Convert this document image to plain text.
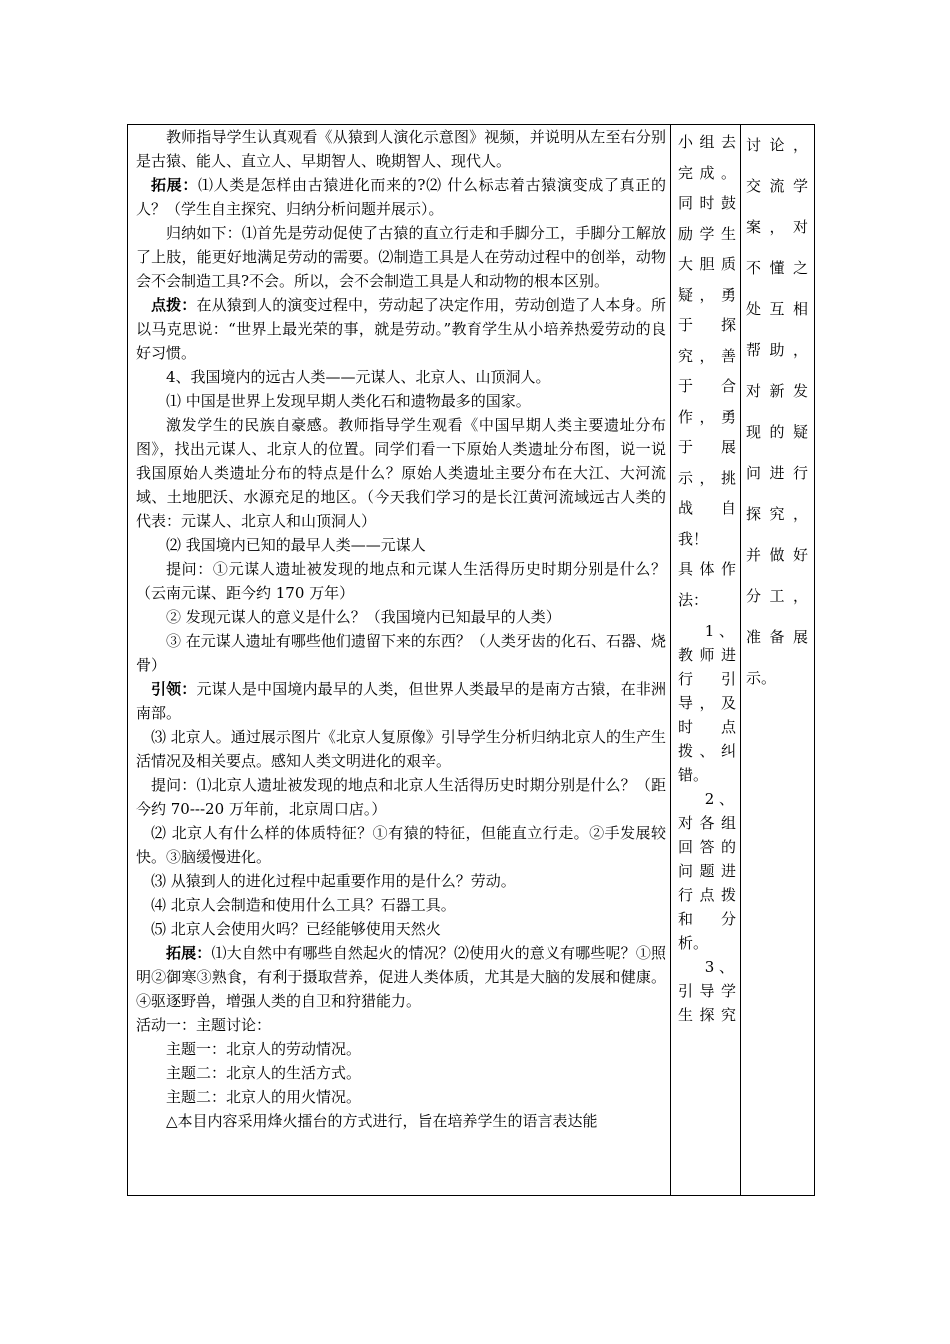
教师指导学生认真观看《从猿到人演化示意图》视频，并说明从左至右分别是古猿、能人、直立人、早期智人、晚期智人、现代人。

拓展：⑴人类是怎样由古猿进化而来的?⑵ 什么标志着古猿演变成了真正的人？（学生自主探究、归纳分析问题并展示）。

归纳如下：⑴首先是劳动促使了古猿的直立行走和手脚分工，手脚分工解放了上肢，能更好地满足劳动的需要。⑵制造工具是人在劳动过程中的创举，动物会不会制造工具?不会。所以，会不会制造工具是人和动物的根本区别。

点拨：在从猿到人的演变过程中，劳动起了决定作用，劳动创造了人本身。所以马克思说：“世界上最光荣的事，就是劳动。”教育学生从小培养热爱劳动的良好习惯。

4、我国境内的远古人类——元谋人、北京人、山顶洞人。

⑴ 中国是世界上发现早期人类化石和遗物最多的国家。

激发学生的民族自豪感。教师指导学生观看《中国早期人类主要遗址分布图》，找出元谋人、北京人的位置。同学们看一下原始人类遗址分布图，说一说我国原始人类遗址分布的特点是什么？原始人类遗址主要分布在大江、大河流域、土地肥沃、水源充足的地区。（今天我们学习的是长江黄河流域远古人类的代表：元谋人、北京人和山顶洞人）

⑵ 我国境内已知的最早人类——元谋人

提问：①元谋人遗址被发现的地点和元谋人生活得历史时期分别是什么？（云南元谋、距今约 170 万年）

② 发现元谋人的意义是什么？（我国境内已知最早的人类）

③ 在元谋人遗址有哪些他们遗留下来的东西？（人类牙齿的化石、石器、烧骨）

引领：元谋人是中国境内最早的人类，但世界人类最早的是南方古猿，在非洲南部。

⑶ 北京人。通过展示图片《北京人复原像》引导学生分析归纳北京人的生产生活情况及相关要点。感知人类文明进化的艰辛。

提问：⑴北京人遗址被发现的地点和北京人生活得历史时期分别是什么？（距今约 70---20 万年前，北京周口店。）

⑵ 北京人有什么样的体质特征？①有猿的特征，但能直立行走。②手发展较快。③脑缓慢进化。

⑶ 从猿到人的进化过程中起重要作用的是什么？劳动。

⑷ 北京人会制造和使用什么工具？石器工具。

⑸ 北京人会使用火吗？已经能够使用天然火

拓展：⑴大自然中有哪些自然起火的情况？⑵使用火的意义有哪些呢？①照明②御寒③熟食，有利于摄取营养，促进人类体质，尤其是大脑的发展和健康。④驱逐野兽，增强人类的自卫和狩猎能力。

活动一：主题讨论：

主题一：北京人的劳动情况。

主题二：北京人的生活方式。

主题二：北京人的用火情况。

△本目内容采用烽火擂台的方式进行，旨在培养学生的语言表达能

小组去

完成。

同时鼓

励学生

大胆质

疑，勇

于　探

究，善

于　合

作，勇

于　展

示，挑

战　自

我！

具体作

法：

1 、

教师进

行　引

导，及

时　点

拨、纠

错。

2 、

对各组

回答的

问题进

行点拨

和　分

析。

3 、

引导学

生探究

讨论，

交流学

案，对

不懂之

处互相

帮助，

对新发

现的疑

问进行

探究，

并做好

分工，

准备展

示。
